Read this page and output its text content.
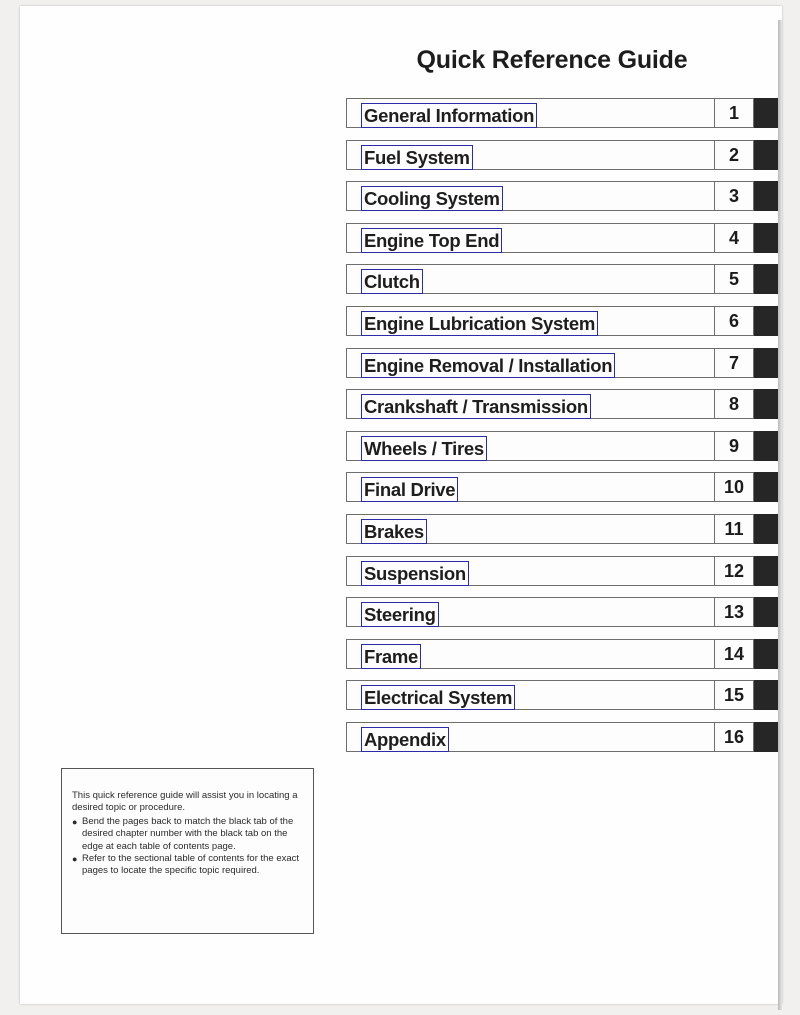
Quick Reference Guide
General Information	1
Fuel System	2
Cooling System	3
Engine Top End	4
Clutch	5
Engine Lubrication System	6
Engine Removal / Installation	7
Crankshaft / Transmission	8
Wheels / Tires	9
Final Drive	10
Brakes	11
Suspension	12
Steering	13
Frame	14
Electrical System	15
Appendix	16

This quick reference guide will assist you in locating a desired topic or procedure.

● Bend the pages back to match the black tab of the desired chapter number with the black tab on the edge at each table of contents page.

● Refer to the sectional table of contents for the exact pages to locate the specific topic required.
